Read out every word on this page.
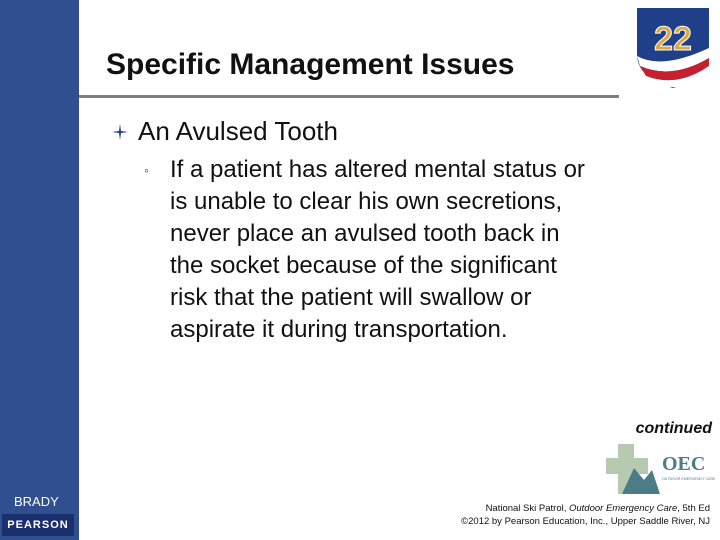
BRADY
PEARSON
Specific Management Issues
22
An Avulsed Tooth
◦ If a patient has altered mental status or is unable to clear his own secretions, never place an avulsed tooth back in the socket because of the significant risk that the patient will swallow or aspirate it during transportation.
continued
OEC
OUTDOOR EMERGENCY CARE
National Ski Patrol, Outdoor Emergency Care, 5th Ed
©2012 by Pearson Education, Inc., Upper Saddle River, NJ
